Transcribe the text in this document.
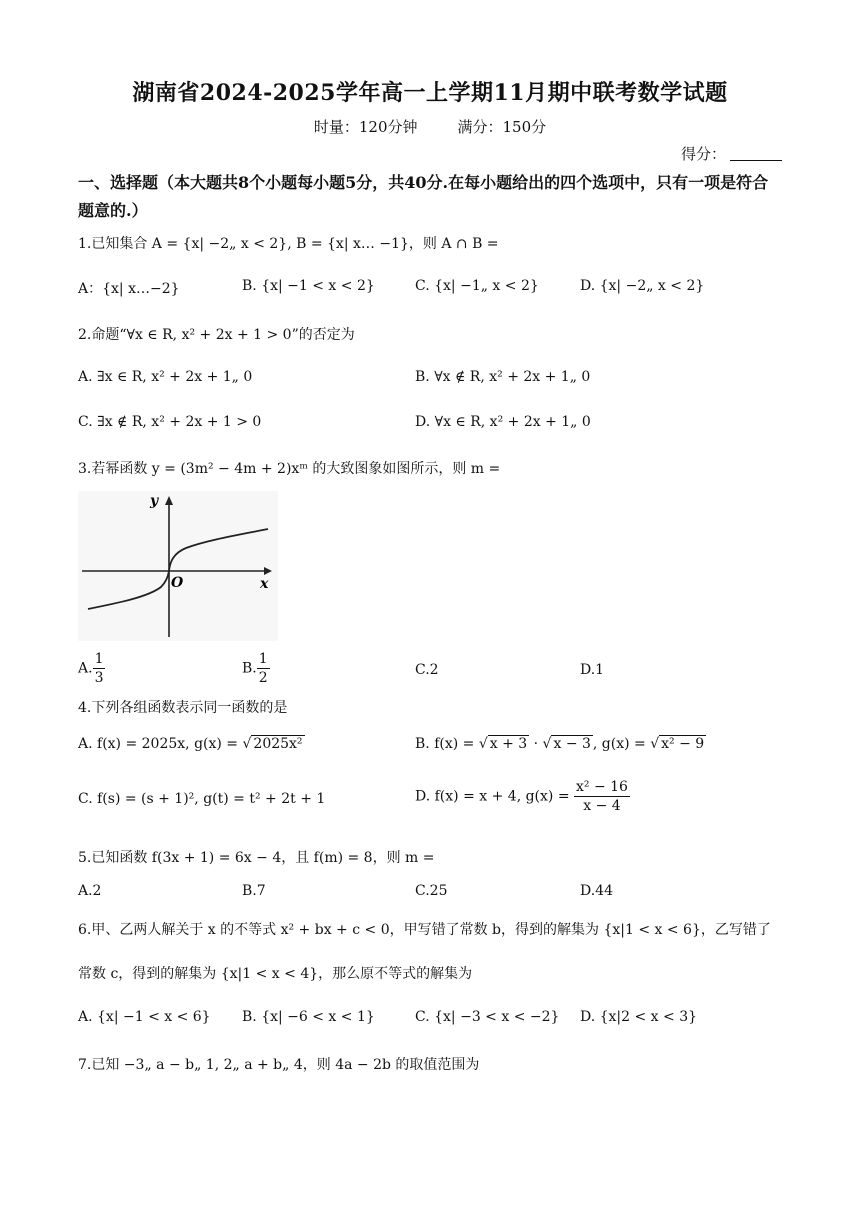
湖南省2024-2025学年高一上学期11月期中联考数学试题
时量：120分钟	满分：150分
得分：
一、选择题（本大题共8个小题每小题5分，共40分.在每小题给出的四个选项中，只有一项是符合题意的.）
1.已知集合 A = {x| −2„ x < 2}, B = {x| x… −1}，则 A ∩ B =
A：{x| x…−2}	B. {x| −1 < x < 2}	C. {x| −1„ x < 2}	D. {x| −2„ x < 2}
2.命题“∀x ∈ R, x² + 2x + 1 > 0”的否定为
A. ∃x ∈ R, x² + 2x + 1„ 0	B. ∀x ∉ R, x² + 2x + 1„ 0
C. ∃x ∉ R, x² + 2x + 1 > 0	D. ∀x ∈ R, x² + 2x + 1„ 0
3.若幂函数 y = (3m² − 4m + 2)xᵐ 的大致图象如图所示，则 m =
y
x
O
A. $\frac{1}{3}$	B. $\frac{1}{2}$	C.2	D.1
4.下列各组函数表示同一函数的是
A. f(x) = 2025x, g(x) = √ 2025x²	B. f(x) = √ x + 3 · √ x − 3 , g(x) = √ x² − 9
C. f(s) = (s + 1)², g(t) = t² + 2t + 1	D. f(x) = x + 4, $g(x) = \frac{\text{x² − 16}}{x - 4}$
5.已知函数 f(3x + 1) = 6x − 4，且 f(m) = 8，则 m =
A.2	B.7	C.25	D.44
6.甲、乙两人解关于 x 的不等式 x² + bx + c < 0，甲写错了常数 b，得到的解集为 {x|1 < x < 6}，乙写错了
常数 c，得到的解集为 {x|1 < x < 4}，那么原不等式的解集为
A. {x| −1 < x < 6} B. {x| −6 < x < 1}	C. {x| −3 < x < −2} D. {x|2 < x < 3}
7.已知 −3„ a − b„ 1, 2„ a + b„ 4，则 4a − 2b 的取值范围为
